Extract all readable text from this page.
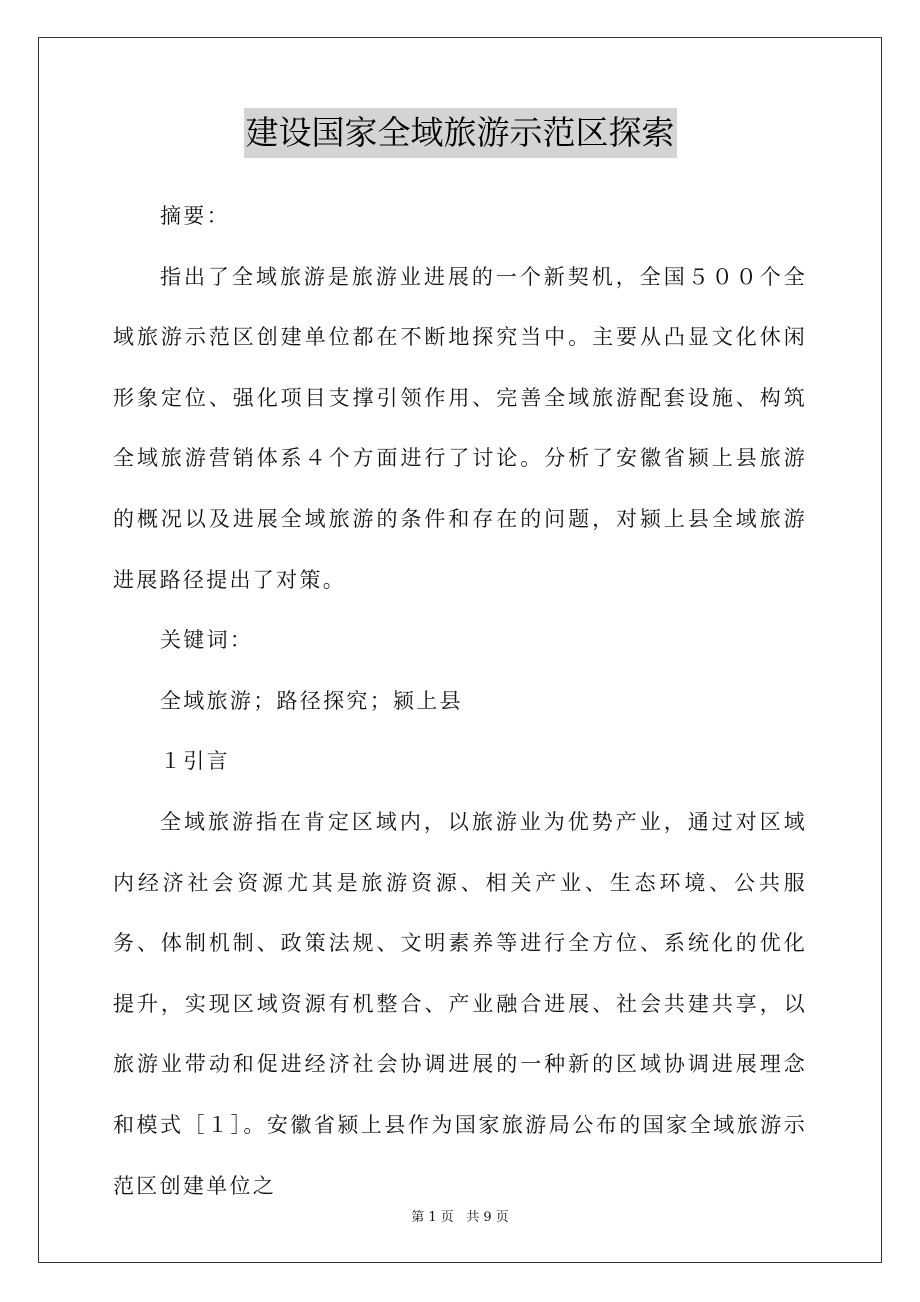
建设国家全域旅游示范区探索

摘要：

指出了全域旅游是旅游业进展的一个新契机，全国５００个全域旅游示范区创建单位都在不断地探究当中。主要从凸显文化休闲形象定位、强化项目支撑引领作用、完善全域旅游配套设施、构筑全域旅游营销体系４个方面进行了讨论。分析了安徽省颍上县旅游的概况以及进展全域旅游的条件和存在的问题，对颍上县全域旅游进展路径提出了对策。

关键词：

全域旅游；路径探究；颍上县

１引言

全域旅游指在肯定区域内，以旅游业为优势产业，通过对区域内经济社会资源尤其是旅游资源、相关产业、生态环境、公共服务、体制机制、政策法规、文明素养等进行全方位、系统化的优化提升，实现区域资源有机整合、产业融合进展、社会共建共享，以旅游业带动和促进经济社会协调进展的一种新的区域协调进展理念和模式［１］。安徽省颍上县作为国家旅游局公布的国家全域旅游示范区创建单位之

第 1 页   共 9 页
